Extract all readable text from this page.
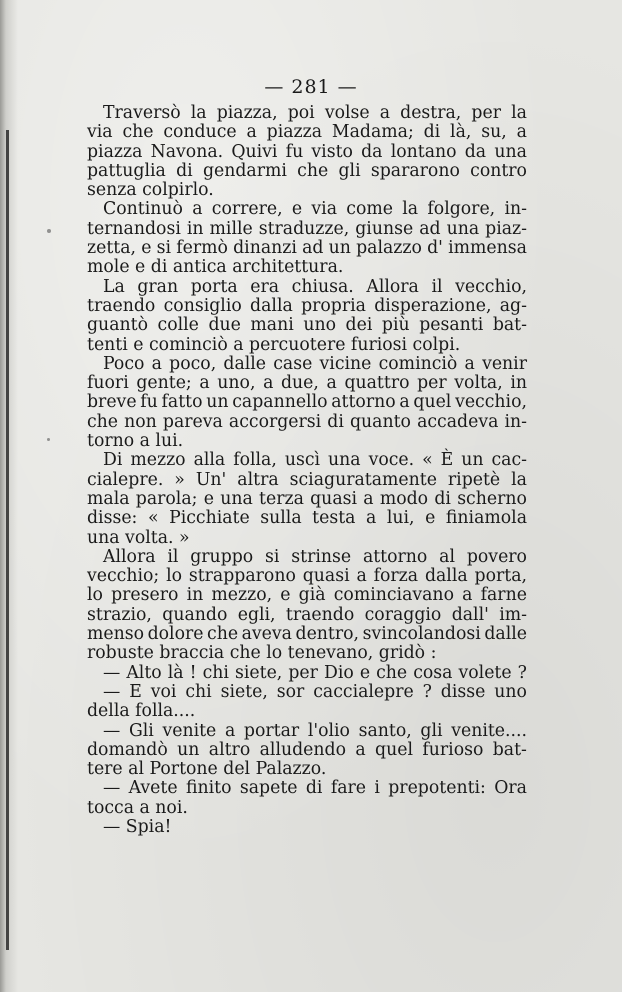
— 281 —
Traversò la piazza, poi volse a destra, per la
via che conduce a piazza Madama; di là, su, a
piazza Navona. Quivi fu visto da lontano da una
pattuglia di gendarmi che gli spararono contro
senza colpirlo.
Continuò a correre, e via come la folgore, in-
ternandosi in mille straduzze, giunse ad una piaz-
zetta, e si fermò dinanzi ad un palazzo d' immensa
mole e di antica architettura.
La gran porta era chiusa. Allora il vecchio,
traendo consiglio dalla propria disperazione, ag-
guantò colle due mani uno dei più pesanti bat-
tenti e cominciò a percuotere furiosi colpi.
Poco a poco, dalle case vicine cominciò a venir
fuori gente; a uno, a due, a quattro per volta, in
breve fu fatto un capannello attorno a quel vecchio,
che non pareva accorgersi di quanto accadeva in-
torno a lui.
Di mezzo alla folla, uscì una voce. « È un cac-
cialepre. » Un' altra sciaguratamente ripetè la
mala parola; e una terza quasi a modo di scherno
disse: « Picchiate sulla testa a lui, e finiamola
una volta. »
Allora il gruppo si strinse attorno al povero
vecchio; lo strapparono quasi a forza dalla porta,
lo presero in mezzo, e già cominciavano a farne
strazio, quando egli, traendo coraggio dall' im-
menso dolore che aveva dentro, svincolandosi dalle
robuste braccia che lo tenevano, gridò :
— Alto là ! chi siete, per Dio e che cosa volete ?
— E voi chi siete, sor caccialepre ? disse uno
della folla....
— Gli venite a portar l'olio santo, gli venite....
domandò un altro alludendo a quel furioso bat-
tere al Portone del Palazzo.
— Avete finito sapete di fare i prepotenti: Ora
tocca a noi.
— Spia!
